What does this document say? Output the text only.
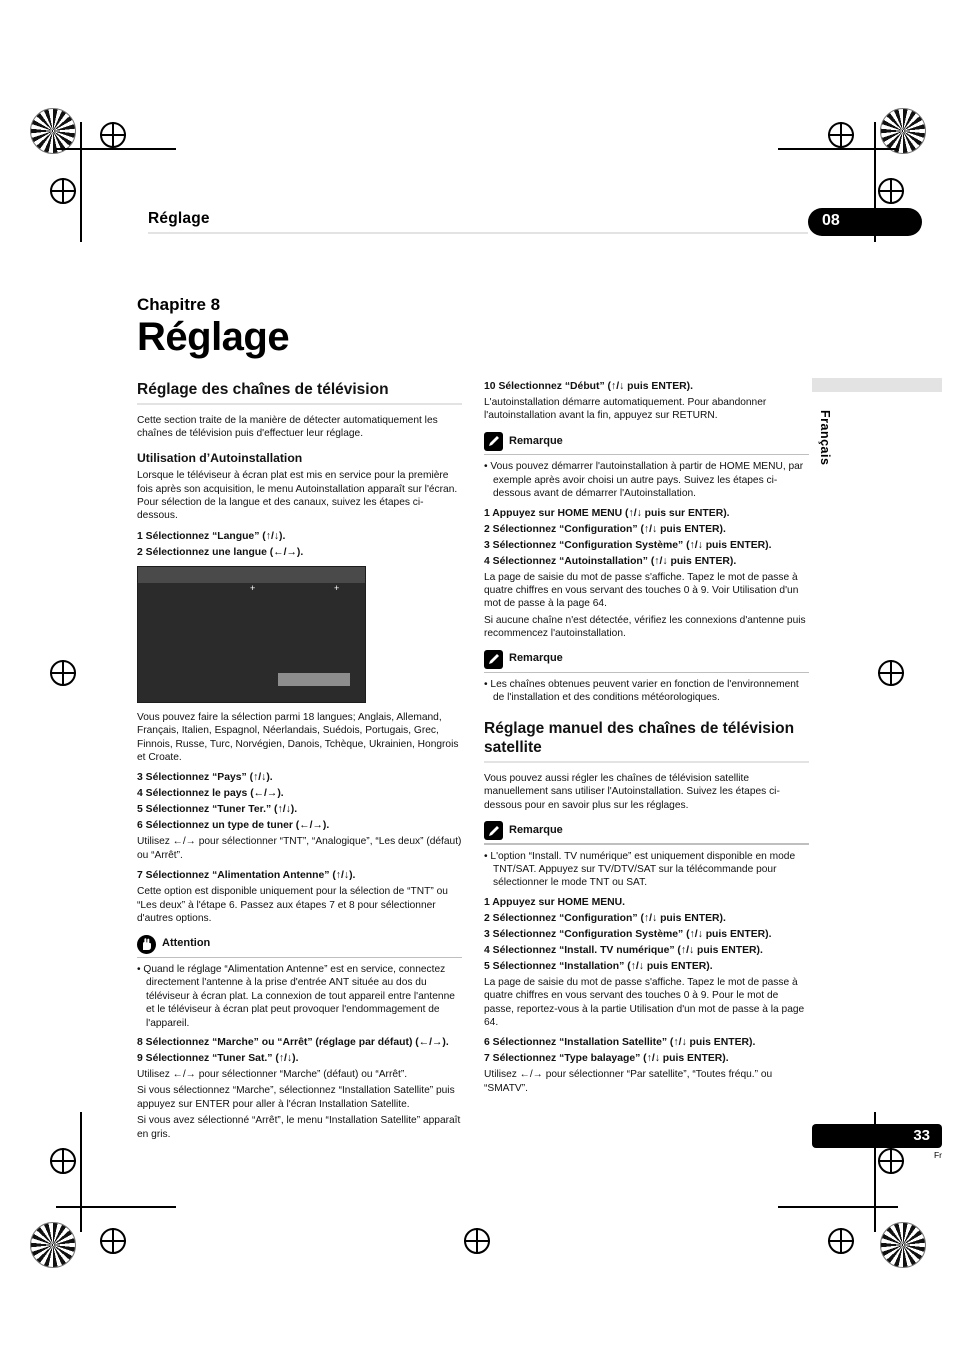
Réglage	08
Chapitre 8
Réglage
Français
Réglage des chaînes de télévision

Cette section traite de la manière de détecter automatiquement les chaînes de télévision puis d'effectuer leur réglage.

Utilisation d’Autoinstallation

Lorsque le téléviseur à écran plat est mis en service pour la première fois après son acquisition, le menu Autoinstallation apparaît sur l'écran. Pour sélection de la langue et des canaux, suivez les étapes ci-dessous.

1 Sélectionnez “Langue” (↑/↓).

2 Sélectionnez une langue (←/→).

+	+

Vous pouvez faire la sélection parmi 18 langues; Anglais, Allemand, Français, Italien, Espagnol, Néerlandais, Suédois, Portugais, Grec, Finnois, Russe, Turc, Norvégien, Danois, Tchèque, Ukrainien, Hongrois et Croate.

3 Sélectionnez “Pays” (↑/↓).

4 Sélectionnez le pays (←/→).

5 Sélectionnez “Tuner Ter.” (↑/↓).

6 Sélectionnez un type de tuner (←/→).

Utilisez ←/→ pour sélectionner “TNT”, “Analogique”, “Les deux” (défaut) ou “Arrêt”.

7 Sélectionnez “Alimentation Antenne” (↑/↓).

Cette option est disponible uniquement pour la sélection de “TNT” ou “Les deux” à l'étape 6. Passez aux étapes 7 et 8 pour sélectionner d'autres options.

Attention

• Quand le réglage “Alimentation Antenne” est en service, connectez directement l'antenne à la prise d'entrée ANT située au dos du téléviseur à écran plat. La connexion de tout appareil entre l'antenne et le téléviseur à écran plat peut provoquer l'endommagement de l'appareil.

8 Sélectionnez “Marche” ou “Arrêt” (réglage par défaut) (←/→).

9 Sélectionnez “Tuner Sat.” (↑/↓).

Utilisez ←/→ pour sélectionner “Marche” (défaut) ou “Arrêt”.

Si vous sélectionnez “Marche”, sélectionnez “Installation Satellite” puis appuyez sur ENTER pour aller à l'écran Installation Satellite.

Si vous avez sélectionné “Arrêt”, le menu “Installation Satellite” apparaît en gris.

10 Sélectionnez “Début” (↑/↓ puis ENTER).

L'autoinstallation démarre automatiquement. Pour abandonner l'autoinstallation avant la fin, appuyez sur RETURN.

Remarque

• Vous pouvez démarrer l'autoinstallation à partir de HOME MENU, par exemple après avoir choisi un autre pays. Suivez les étapes ci-dessous avant de démarrer l'Autoinstallation.

1 Appuyez sur HOME MENU (↑/↓ puis sur ENTER).

2 Sélectionnez “Configuration” (↑/↓ puis ENTER).

3 Sélectionnez “Configuration Système” (↑/↓ puis ENTER).

4 Sélectionnez “Autoinstallation” (↑/↓ puis ENTER).

La page de saisie du mot de passe s'affiche. Tapez le mot de passe à quatre chiffres en vous servant des touches 0 à 9. Voir Utilisation d'un mot de passe à la page 64.

Si aucune chaîne n'est détectée, vérifiez les connexions d'antenne puis recommencez l'autoinstallation.

Remarque

• Les chaînes obtenues peuvent varier en fonction de l'environnement de l'installation et des conditions météorologiques.

Réglage manuel des chaînes de télévision satellite

Vous pouvez aussi régler les chaînes de télévision satellite manuellement sans utiliser l'Autoinstallation. Suivez les étapes ci-dessous pour en savoir plus sur les réglages.

Remarque

• L'option “Install. TV numérique” est uniquement disponible en mode TNT/SAT. Appuyez sur TV/DTV/SAT sur la télécommande pour sélectionner le mode TNT ou SAT.

1 Appuyez sur HOME MENU.

2 Sélectionnez “Configuration” (↑/↓ puis ENTER).

3 Sélectionnez “Configuration Système” (↑/↓ puis ENTER).

4 Sélectionnez “Install. TV numérique” (↑/↓ puis ENTER).

5 Sélectionnez “Installation” (↑/↓ puis ENTER).

La page de saisie du mot de passe s'affiche. Tapez le mot de passe à quatre chiffres en vous servant des touches 0 à 9. Pour le mot de passe, reportez-vous à la partie Utilisation d'un mot de passe à la page 64.

6 Sélectionnez “Installation Satellite” (↑/↓ puis ENTER).

7 Sélectionnez “Type balayage” (↑/↓ puis ENTER).

Utilisez ←/→ pour sélectionner “Par satellite”, “Toutes fréqu.” ou “SMATV”.

33
Fr
